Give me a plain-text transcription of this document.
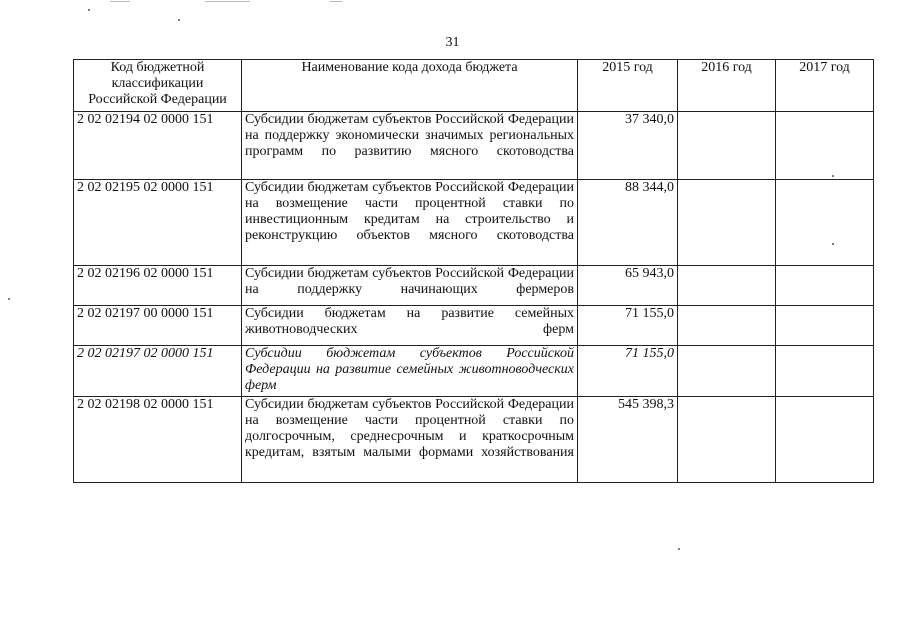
31
Код бюджетной классификации Российской Федерации	Наименование кода дохода бюджета	2015 год	2016 год	2017 год
2 02 02194 02 0000 151	Субсидии бюджетам субъектов Российской Федерации на поддержку экономически значимых региональных программ по развитию мясного скотоводства	37 340,0		
2 02 02195 02 0000 151	Субсидии бюджетам субъектов Российской Федерации на возмещение части процентной ставки по инвестиционным кредитам на строительство и реконструкцию объектов мясного скотоводства	88 344,0		
2 02 02196 02 0000 151	Субсидии бюджетам субъектов Российской Федерации на поддержку начинающих фермеров	65 943,0		
2 02 02197 00 0000 151	Субсидии бюджетам на развитие семейных животноводческих ферм	71 155,0		
2 02 02197 02 0000 151	Субсидии бюджетам субъектов Российской Федерации на развитие семейных животноводческих ферм	71 155,0		
2 02 02198 02 0000 151	Субсидии бюджетам субъектов Российской Федерации на возмещение части процентной ставки по долгосрочным, среднесрочным и краткосрочным кредитам, взятым малыми формами хозяйствования	545 398,3		
